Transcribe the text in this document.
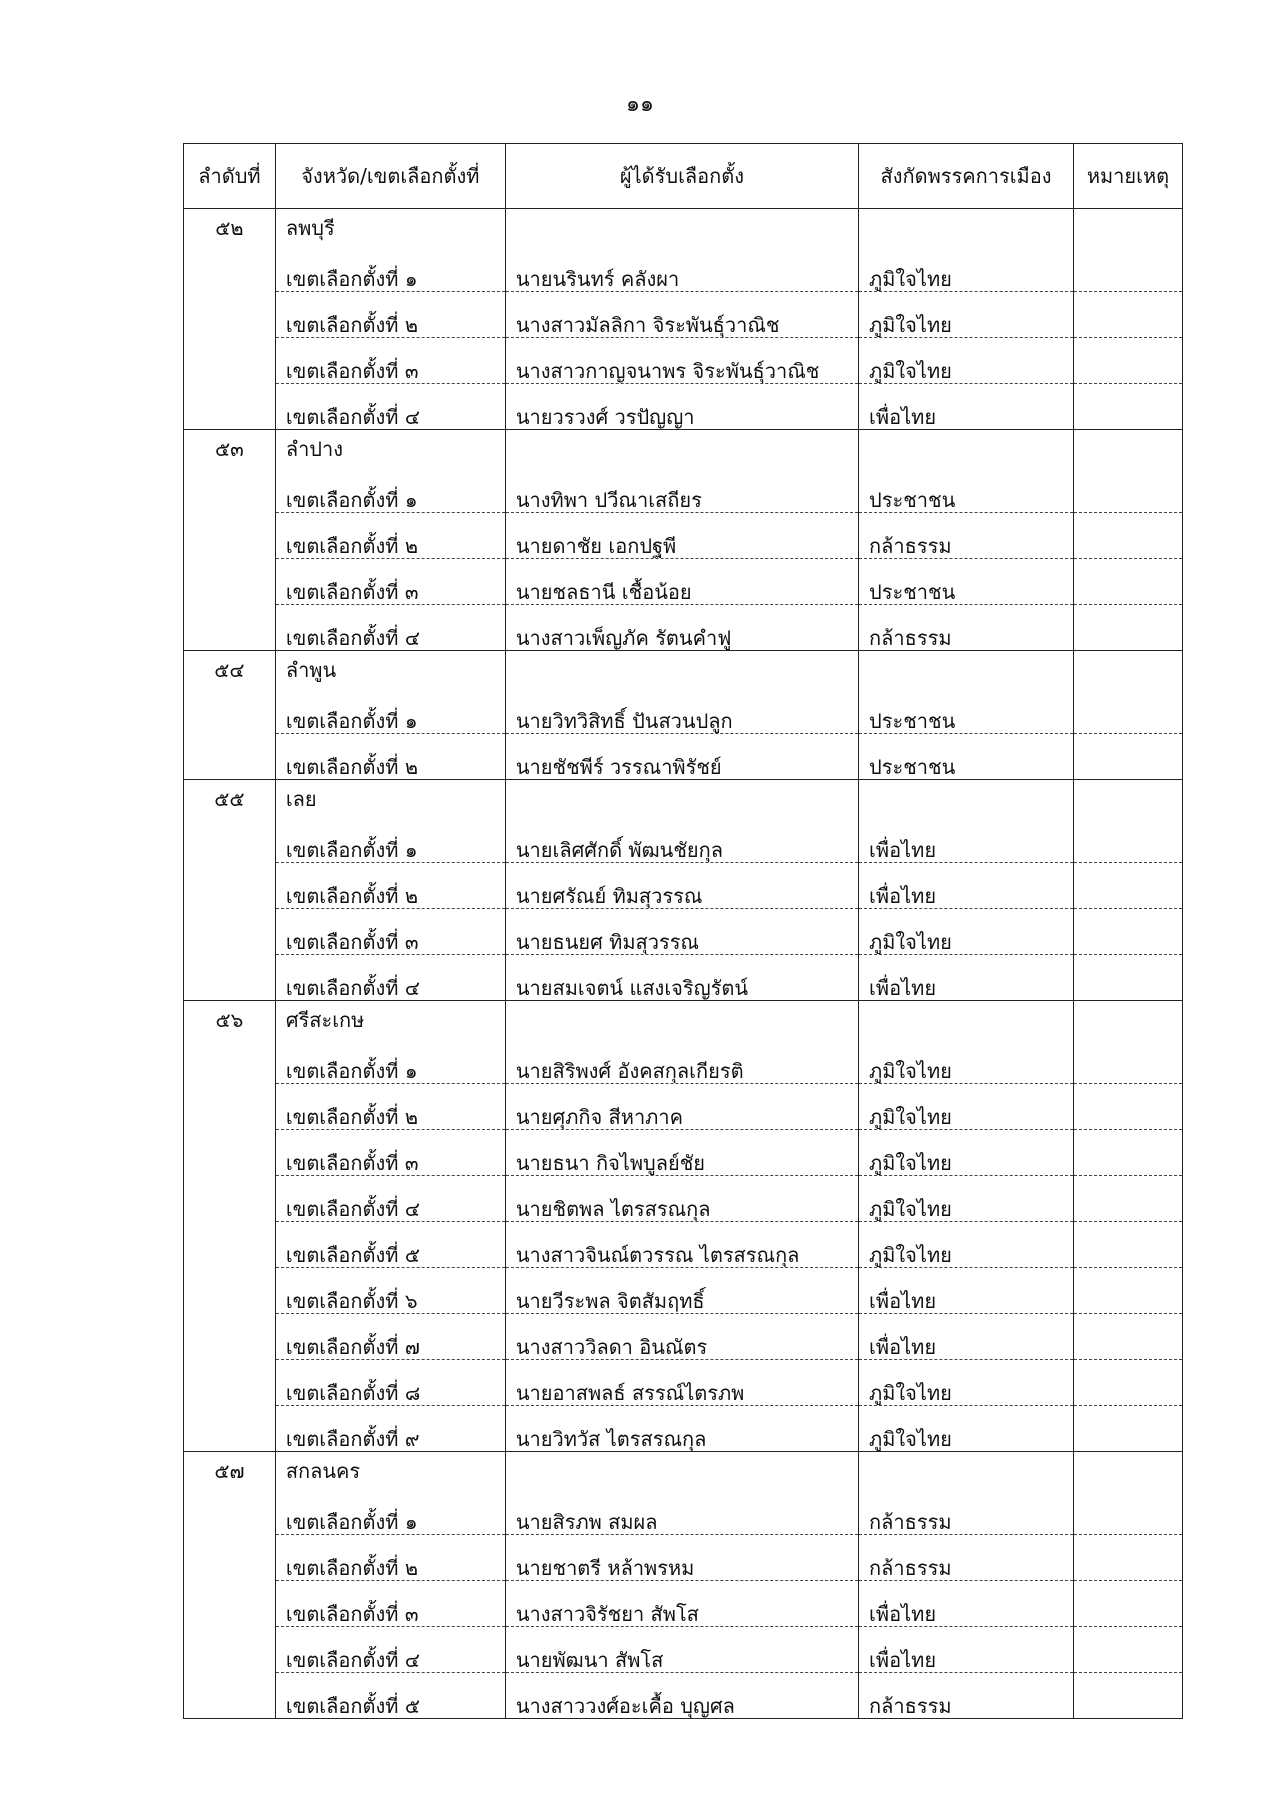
๑๑
ลำดับที่	จังหวัด/เขตเลือกตั้งที่	ผู้ได้รับเลือกตั้ง	สังกัดพรรคการเมือง	หมายเหตุ
๕๒	ลพบุรี			
	เขตเลือกตั้งที่ ๑	นายนรินทร์ คลังผา	ภูมิใจไทย	
	เขตเลือกตั้งที่ ๒	นางสาวมัลลิกา จิระพันธุ์วาณิช	ภูมิใจไทย	
	เขตเลือกตั้งที่ ๓	นางสาวกาญจนาพร จิระพันธุ์วาณิช	ภูมิใจไทย	
	เขตเลือกตั้งที่ ๔	นายวรวงศ์ วรปัญญา	เพื่อไทย	
๕๓	ลำปาง			
	เขตเลือกตั้งที่ ๑	นางทิพา ปวีณาเสถียร	ประชาชน	
	เขตเลือกตั้งที่ ๒	นายดาชัย เอกปฐพี	กล้าธรรม	
	เขตเลือกตั้งที่ ๓	นายชลธานี เชื้อน้อย	ประชาชน	
	เขตเลือกตั้งที่ ๔	นางสาวเพ็ญภัค รัตนคำฟู	กล้าธรรม	
๕๔	ลำพูน			
	เขตเลือกตั้งที่ ๑	นายวิทวิสิทธิ์ ปันสวนปลูก	ประชาชน	
	เขตเลือกตั้งที่ ๒	นายชัชพีร์ วรรณาพิรัชย์	ประชาชน	
๕๕	เลย			
	เขตเลือกตั้งที่ ๑	นายเลิศศักดิ์ พัฒนชัยกุล	เพื่อไทย	
	เขตเลือกตั้งที่ ๒	นายศรัณย์ ทิมสุวรรณ	เพื่อไทย	
	เขตเลือกตั้งที่ ๓	นายธนยศ ทิมสุวรรณ	ภูมิใจไทย	
	เขตเลือกตั้งที่ ๔	นายสมเจตน์ แสงเจริญรัตน์	เพื่อไทย	
๕๖	ศรีสะเกษ			
	เขตเลือกตั้งที่ ๑	นายสิริพงศ์ อังคสกุลเกียรติ	ภูมิใจไทย	
	เขตเลือกตั้งที่ ๒	นายศุภกิจ สีหาภาค	ภูมิใจไทย	
	เขตเลือกตั้งที่ ๓	นายธนา กิจไพบูลย์ชัย	ภูมิใจไทย	
	เขตเลือกตั้งที่ ๔	นายชิตพล ไตรสรณกุล	ภูมิใจไทย	
	เขตเลือกตั้งที่ ๕	นางสาวจินณ์ตวรรณ ไตรสรณกุล	ภูมิใจไทย	
	เขตเลือกตั้งที่ ๖	นายวีระพล จิตสัมฤทธิ์	เพื่อไทย	
	เขตเลือกตั้งที่ ๗	นางสาววิลดา อินณัตร	เพื่อไทย	
	เขตเลือกตั้งที่ ๘	นายอาสพลธ์ สรรณ์ไตรภพ	ภูมิใจไทย	
	เขตเลือกตั้งที่ ๙	นายวิทวัส ไตรสรณกุล	ภูมิใจไทย	
๕๗	สกลนคร			
	เขตเลือกตั้งที่ ๑	นายสิรภพ สมผล	กล้าธรรม	
	เขตเลือกตั้งที่ ๒	นายชาตรี หล้าพรหม	กล้าธรรม	
	เขตเลือกตั้งที่ ๓	นางสาวจิรัชยา สัพโส	เพื่อไทย	
	เขตเลือกตั้งที่ ๔	นายพัฒนา สัพโส	เพื่อไทย	
	เขตเลือกตั้งที่ ๕	นางสาววงศ์อะเคื้อ บุญศล	กล้าธรรม	
